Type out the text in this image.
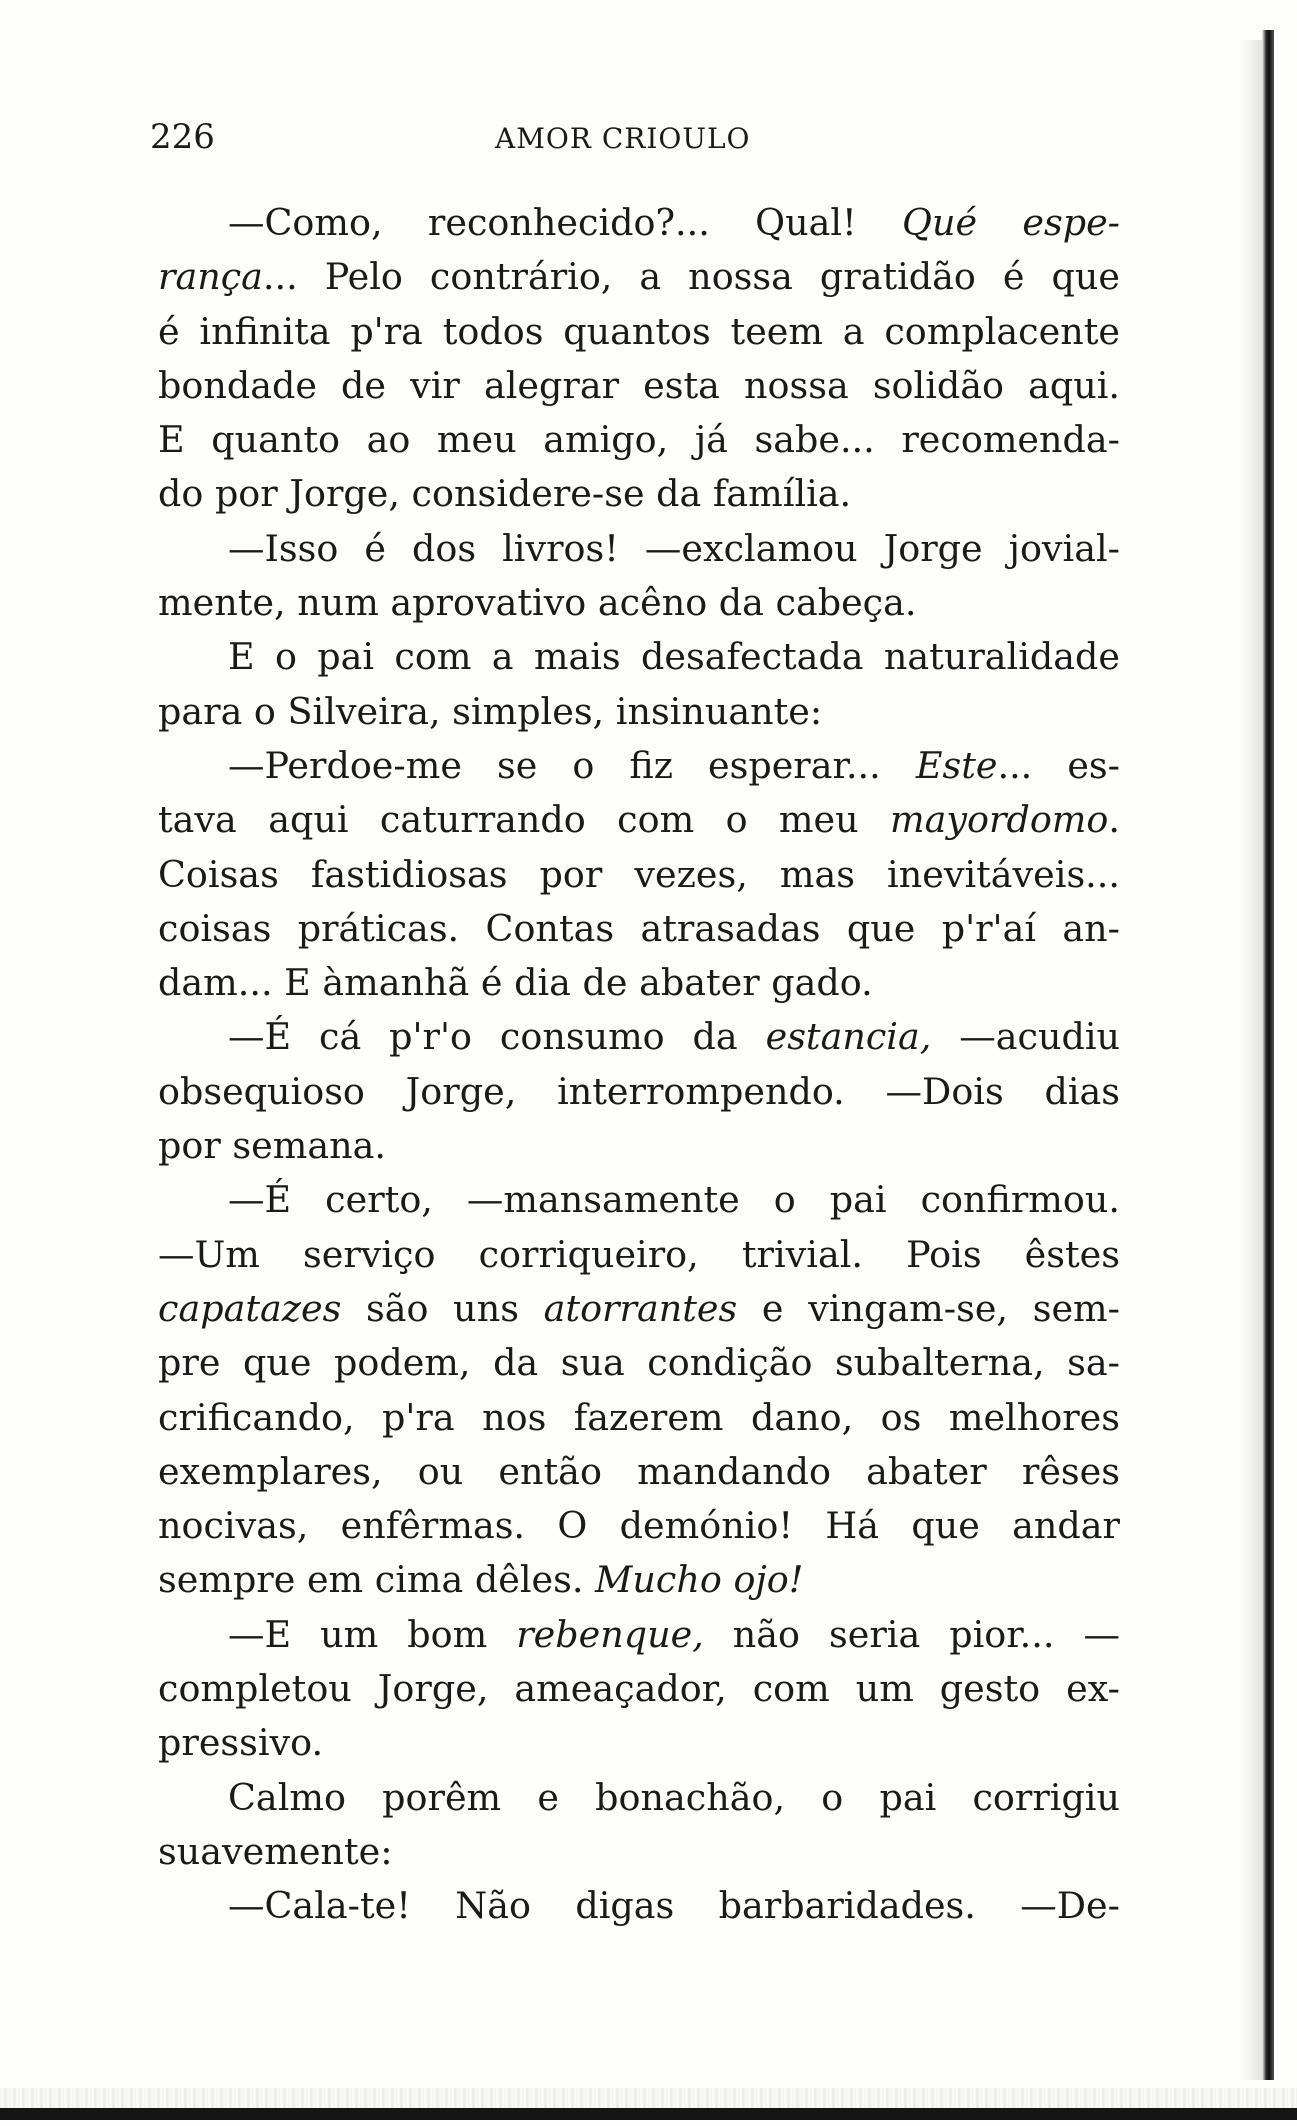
226	AMOR CRIOULO
—Como, reconhecido?... Qual! Qué espe-
rança... Pelo contrário, a nossa gratidão é que
é infinita p'ra todos quantos teem a complacente
bondade de vir alegrar esta nossa solidão aqui.
E quanto ao meu amigo, já sabe... recomenda-
do por Jorge, considere-se da família.
—Isso é dos livros! —exclamou Jorge jovial-
mente, num aprovativo acêno da cabeça.
E o pai com a mais desafectada naturalidade
para o Silveira, simples, insinuante:
—Perdoe-me se o fiz esperar... Este... es-
tava aqui caturrando com o meu mayordomo.
Coisas fastidiosas por vezes, mas inevitáveis...
coisas práticas. Contas atrasadas que p'r'aí an-
dam... E àmanhã é dia de abater gado.
—É cá p'r'o consumo da estancia, —acudiu
obsequioso Jorge, interrompendo. —Dois dias
por semana.
—É certo, —mansamente o pai confirmou.
—Um serviço corriqueiro, trivial. Pois êstes
capatazes são uns atorrantes e vingam-se, sem-
pre que podem, da sua condição subalterna, sa-
crificando, p'ra nos fazerem dano, os melhores
exemplares, ou então mandando abater rêses
nocivas, enfêrmas. O demónio! Há que andar
sempre em cima dêles. Mucho ojo!
—E um bom rebenque, não seria pior... —
completou Jorge, ameaçador, com um gesto ex-
pressivo.
Calmo porêm e bonachão, o pai corrigiu
suavemente:
—Cala-te! Não digas barbaridades. —De-
